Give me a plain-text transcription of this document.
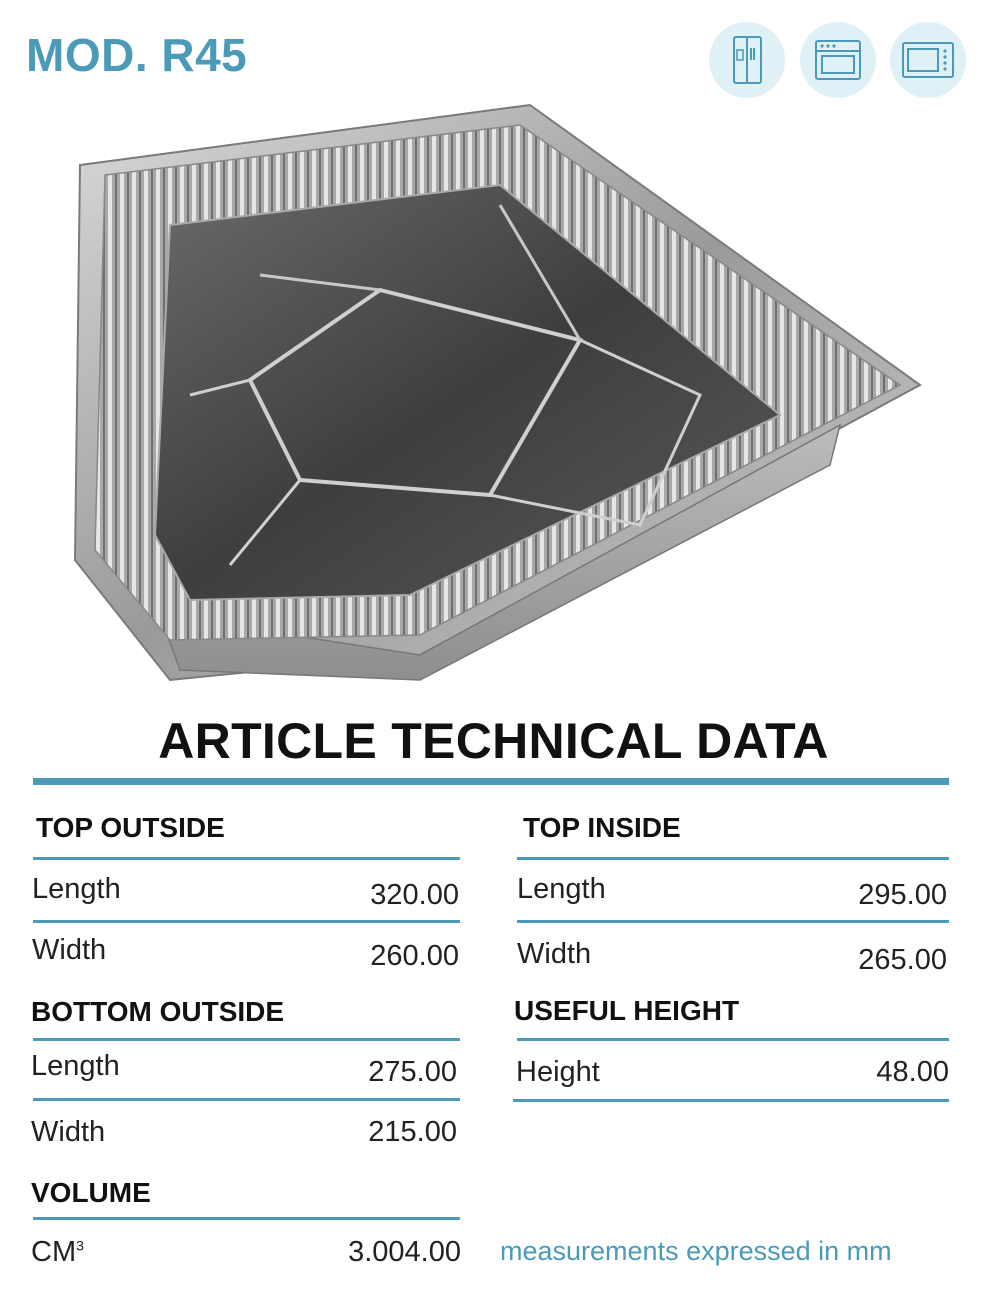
MOD. R45
ARTICLE TECHNICAL DATA
TOP OUTSIDE
Length	320.00
Width	260.00
TOP INSIDE
Length	295.00
Width	265.00
BOTTOM OUTSIDE
Length	275.00
Width	215.00
USEFUL HEIGHT
Height	48.00
VOLUME
$CM^3$	3.004.00 measurements expressed in mm
